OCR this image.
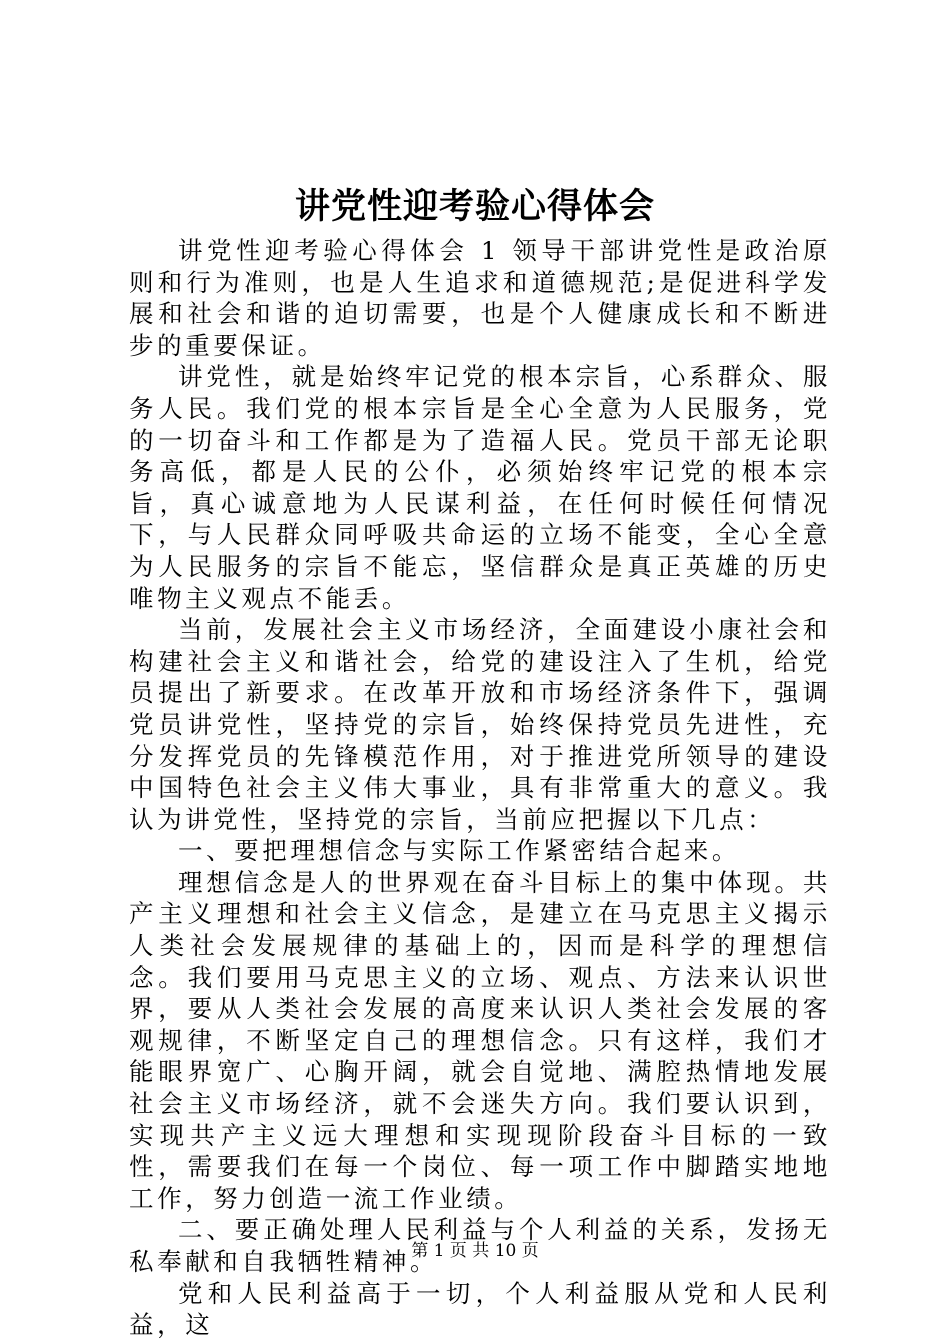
讲党性迎考验心得体会

讲党性迎考验心得体会 1 领导干部讲党性是政治原则和行为准则，也是人生追求和道德规范;是促进科学发展和社会和谐的迫切需要，也是个人健康成长和不断进步的重要保证。

讲党性，就是始终牢记党的根本宗旨，心系群众、服务人民。我们党的根本宗旨是全心全意为人民服务，党的一切奋斗和工作都是为了造福人民。党员干部无论职务高低，都是人民的公仆，必须始终牢记党的根本宗旨，真心诚意地为人民谋利益，在任何时候任何情况下，与人民群众同呼吸共命运的立场不能变，全心全意为人民服务的宗旨不能忘，坚信群众是真正英雄的历史唯物主义观点不能丢。

当前，发展社会主义市场经济，全面建设小康社会和构建社会主义和谐社会，给党的建设注入了生机，给党员提出了新要求。在改革开放和市场经济条件下，强调党员讲党性，坚持党的宗旨，始终保持党员先进性，充分发挥党员的先锋模范作用，对于推进党所领导的建设中国特色社会主义伟大事业，具有非常重大的意义。我认为讲党性，坚持党的宗旨，当前应把握以下几点：

一、要把理想信念与实际工作紧密结合起来。

理想信念是人的世界观在奋斗目标上的集中体现。共产主义理想和社会主义信念，是建立在马克思主义揭示人类社会发展规律的基础上的，因而是科学的理想信念。我们要用马克思主义的立场、观点、方法来认识世界，要从人类社会发展的高度来认识人类社会发展的客观规律，不断坚定自己的理想信念。只有这样，我们才能眼界宽广、心胸开阔，就会自觉地、满腔热情地发展社会主义市场经济，就不会迷失方向。我们要认识到，实现共产主义远大理想和实现现阶段奋斗目标的一致性，需要我们在每一个岗位、每一项工作中脚踏实地地工作，努力创造一流工作业绩。

二、要正确处理人民利益与个人利益的关系，发扬无私奉献和自我牺牲精神。

党和人民利益高于一切，个人利益服从党和人民利益，这

第 1 页 共 10 页
